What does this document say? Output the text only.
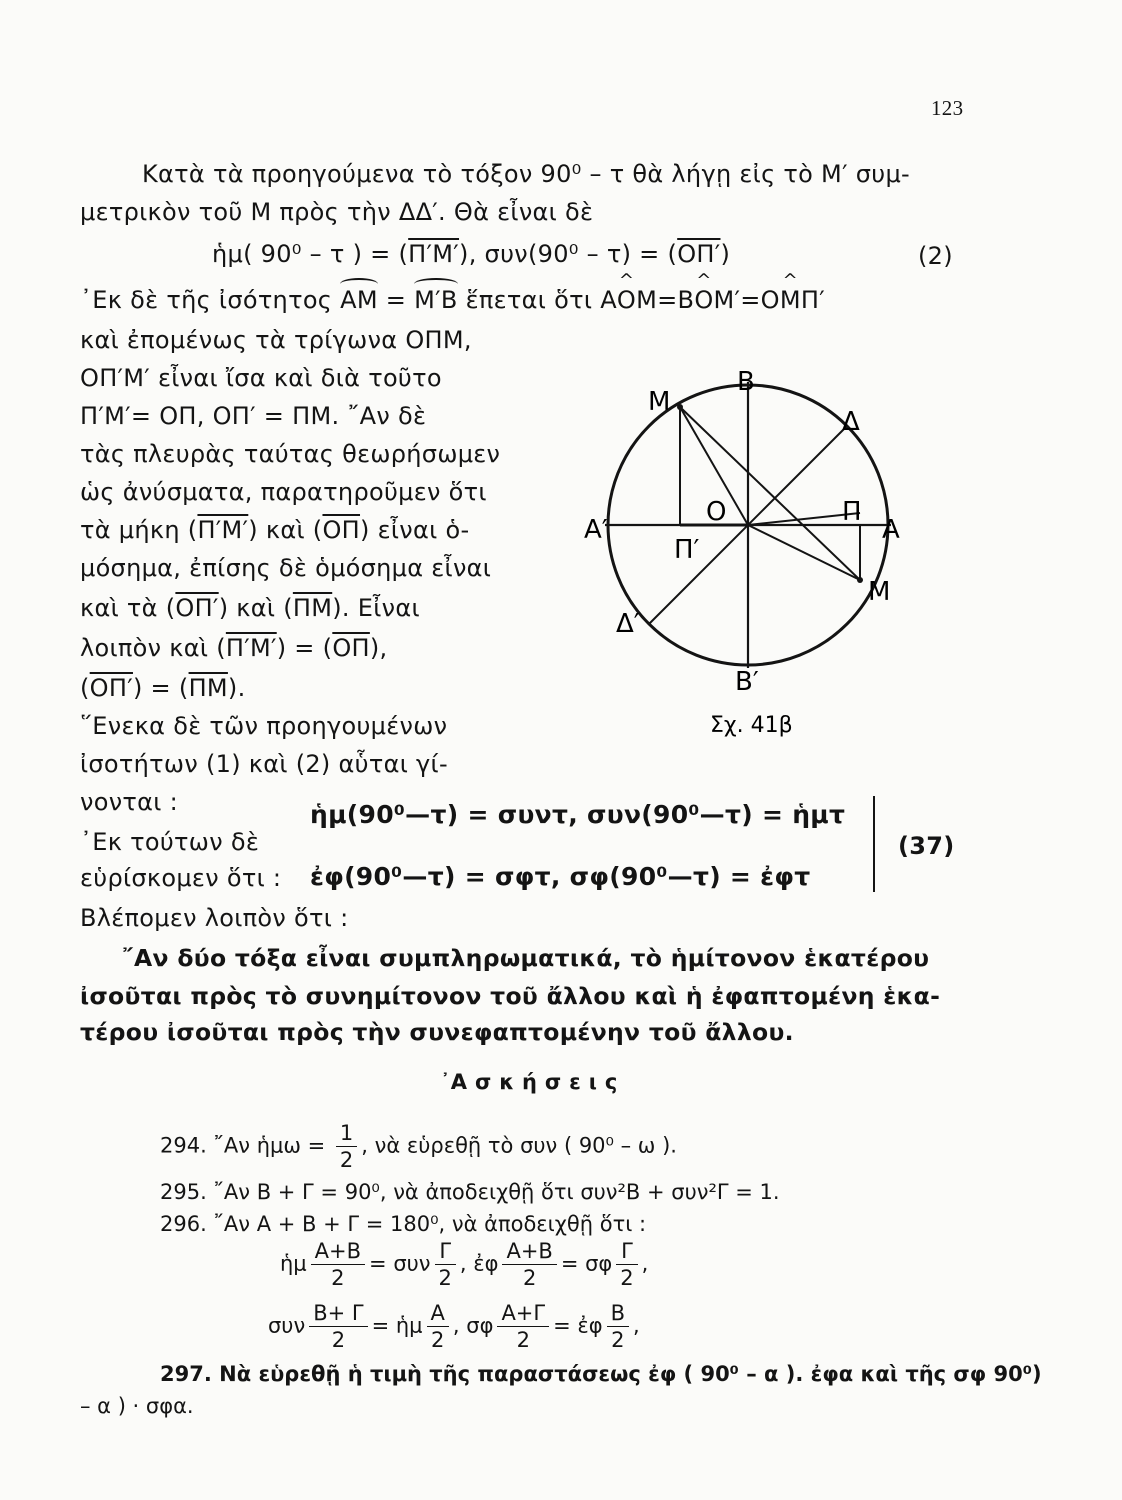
123
Κατὰ τὰ προηγούμενα τὸ τόξον 90⁰ – τ θὰ λήγῃ εἰς τὸ Μ′ συμ-
μετρικὸν τοῦ Μ πρὸς τὴν ΔΔ′. Θὰ εἶναι δὲ
ἡμ( 90⁰ – τ ) = (Π′Μ′), συν(90⁰ – τ) = (ΟΠ′)	(2)
᾿Εκ δὲ τῆς ἰσότητος ΑΜ = Μ′Β ἕπεται ὅτι Α^ ΟΜ=Β^ ΟΜ′=Ο^ ΜΠ′
καὶ ἐπομένως τὰ τρίγωνα ΟΠΜ,
ΟΠ′Μ′ εἶναι ἴσα καὶ διὰ τοῦτο
Π′Μ′= ΟΠ, ΟΠ′ = ΠΜ. ῎Αν δὲ
τὰς πλευρὰς ταύτας θεωρήσωμεν
ὡς ἀνύσματα, παρατηροῦμεν ὅτι
τὰ μήκη (Π′Μ′) καὶ $(\overline{O\Pi})$ εἶναι ὁ-
μόσημα, ἐπίσης δὲ ὁμόσημα εἶναι
καὶ τὰ (ΟΠ′) καὶ $(\overline{\Pi M})$. Εἶναι
λοιπὸν καὶ $(\Pi'M') = (\overline{O\Pi})$,
$(O\Pi') = (\overline{\Pi M})$.
῞Ενεκα δὲ τῶν προηγουμένων
ἰσοτήτων (1) καὶ (2) αὗται γί-
νονται :
Β
Μ
Δ
Ο	Π
Α
Α′
Π′
Μ
Δ′
Β′
Σχ. 41β
ἡμ(90⁰—τ) = συντ, συν(90⁰—τ) = ἡμτ
᾿Εκ τούτων δὲ
εὑρίσκομεν ὅτι : ἐφ(90⁰—τ) = σφτ, σφ(90⁰—τ) = ἐφτ
(37)
Βλέπομεν λοιπὸν ὅτι :
῎Αν δύο τόξα εἶναι συμπληρωματικά, τὸ ἡμίτονον ἑκατέρου
ἰσοῦται πρὸς τὸ συνημίτονον τοῦ ἄλλου καὶ ἡ ἐφαπτομένη ἑκα-
τέρου ἰσοῦται πρὸς τὴν συνεφαπτομένην τοῦ ἄλλου.
᾿Α σ κ ή σ ε ι ς
294. ῎Αν ἡμω = $\frac{1}{2}$ , νὰ εὑρεθῇ τὸ συν ( 90⁰ – ω ).
295. ῎Αν Β + Γ = 90⁰, νὰ ἀποδειχθῇ ὅτι συν²Β + συν²Γ = 1.
296. ῎Αν Α + Β + Γ = 180⁰, νὰ ἀποδειχθῇ ὅτι :
ἡμ $\frac{A+B}{2} = \sigma\upsilon\nu \frac{\Gamma}{2}$ , ἐφ $\frac{A+B}{2} = \sigma\varphi \frac{\Gamma}{2}$ ,
συν $\frac{B+ \Gamma}{2}$ = ἡμ $\frac{A}{2}$ , σφ $\frac{A+\Gamma}{2}$ = ἐφ $\frac{B}{2}$ ,
297. Νὰ εὑρεθῇ ἡ τιμὴ τῆς παραστάσεως ἐφ ( 90⁰ – α ). ἐφα καὶ τῆς σφ 90⁰)
– α ) · σφα.
